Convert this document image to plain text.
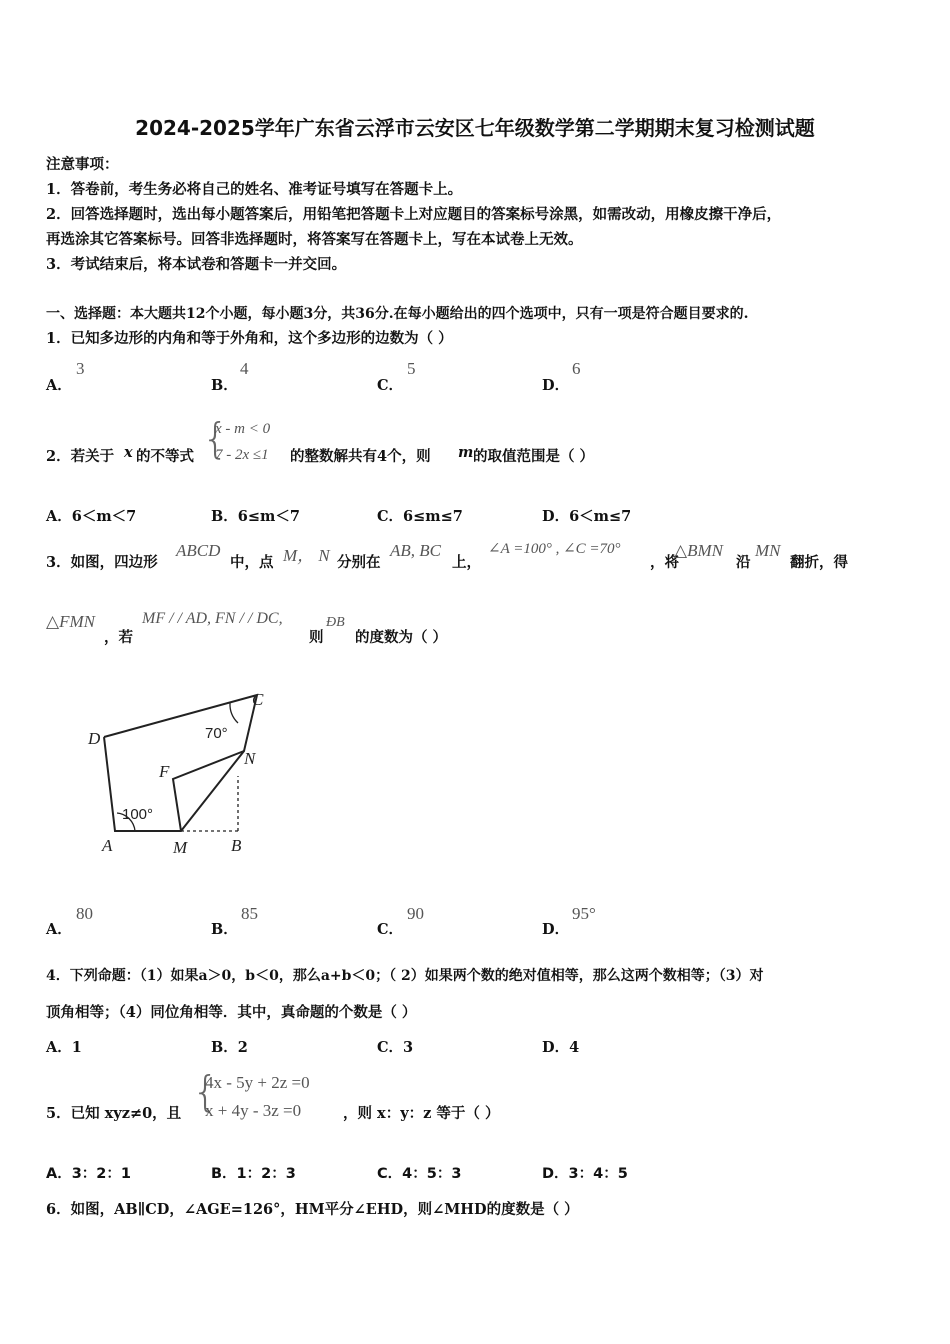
2024-2025学年广东省云浮市云安区七年级数学第二学期期末复习检测试题
注意事项：
1．答卷前，考生务必将自己的姓名、准考证号填写在答题卡上。
2．回答选择题时，选出每小题答案后，用铅笔把答题卡上对应题目的答案标号涂黑，如需改动，用橡皮擦干净后，
再选涂其它答案标号。回答非选择题时，将答案写在答题卡上，写在本试卷上无效。
3．考试结束后，将本试卷和答题卡一并交回。
一、选择题：本大题共12个小题，每小题3分，共36分.在每小题给出的四个选项中，只有一项是符合题目要求的.
1．已知多边形的内角和等于外角和，这个多边形的边数为（ ）
A．
3
B．
4
C．
5
D．
6
2．若关于 x 的不等式 {
x - m < 0
7 - 2x ≤1 的整数解共有4个，则 m 的取值范围是（ ）
A．6＜m＜7	B．6≤m＜7	C．6≤m≤7	D．6＜m≤7
3．如图，四边形
ABCD
中，点 M， N 分别在
AB, BC
上，
∠A =100° , ∠C =70°
，将
△BMN
沿
MN
翻折，得
△FMN
，若
MF / / AD, FN / / DC,
则
ÐB
的度数为（ ）
D
C
N
F
A	M	B
100°
70°
A．
80
B．
85
C．
90
D．
95°
4．下列命题：（1）如果a＞0，b＜0，那么a+b＜0；（ 2）如果两个数的绝对值相等，那么这两个数相等；（3）对
顶角相等；（4）同位角相等．其中，真命题的个数是（ ）
A．1	B．2	C．3	D．4
5．已知 xyz≠0，且 {
4x - 5y + 2z =0
x + 4y - 3z =0	，则 x：y：z 等于（ ）
A．3：2：1	B．1：2：3	C．4：5：3	D．3：4：5
6．如图，AB∥CD，∠AGE=126°，HM平分∠EHD，则∠MHD的度数是（ ）
